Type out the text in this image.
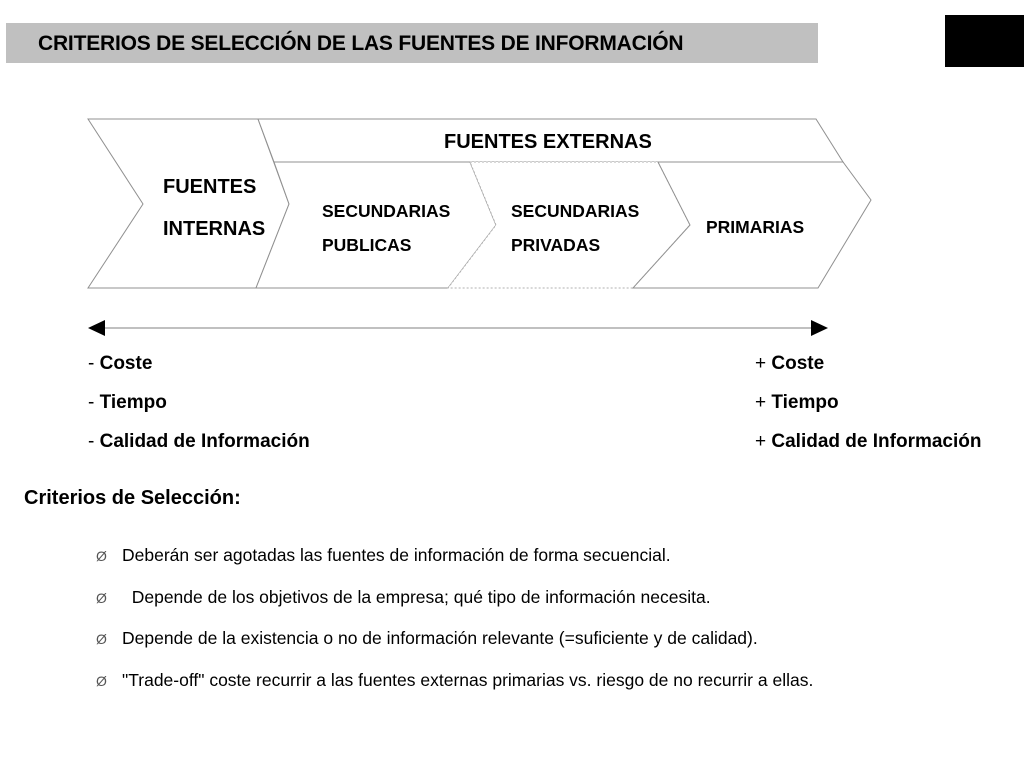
CRITERIOS DE SELECCIÓN DE LAS FUENTES DE INFORMACIÓN
FUENTES EXTERNAS
FUENTES
INTERNAS
SECUNDARIAS
PUBLICAS
SECUNDARIAS
PRIVADAS
PRIMARIAS
- Coste
- Tiempo
- Calidad de Información
+ Coste
+ Tiempo
+ Calidad de Información
Criterios de Selección:
Ø Deberán ser agotadas las fuentes de información de forma secuencial.
Ø Depende de los objetivos de la empresa; qué tipo de información necesita.
Ø Depende de la existencia o no de información relevante (=suficiente y de calidad).
Ø "Trade-off" coste recurrir a las fuentes externas primarias vs. riesgo de no recurrir a ellas.
